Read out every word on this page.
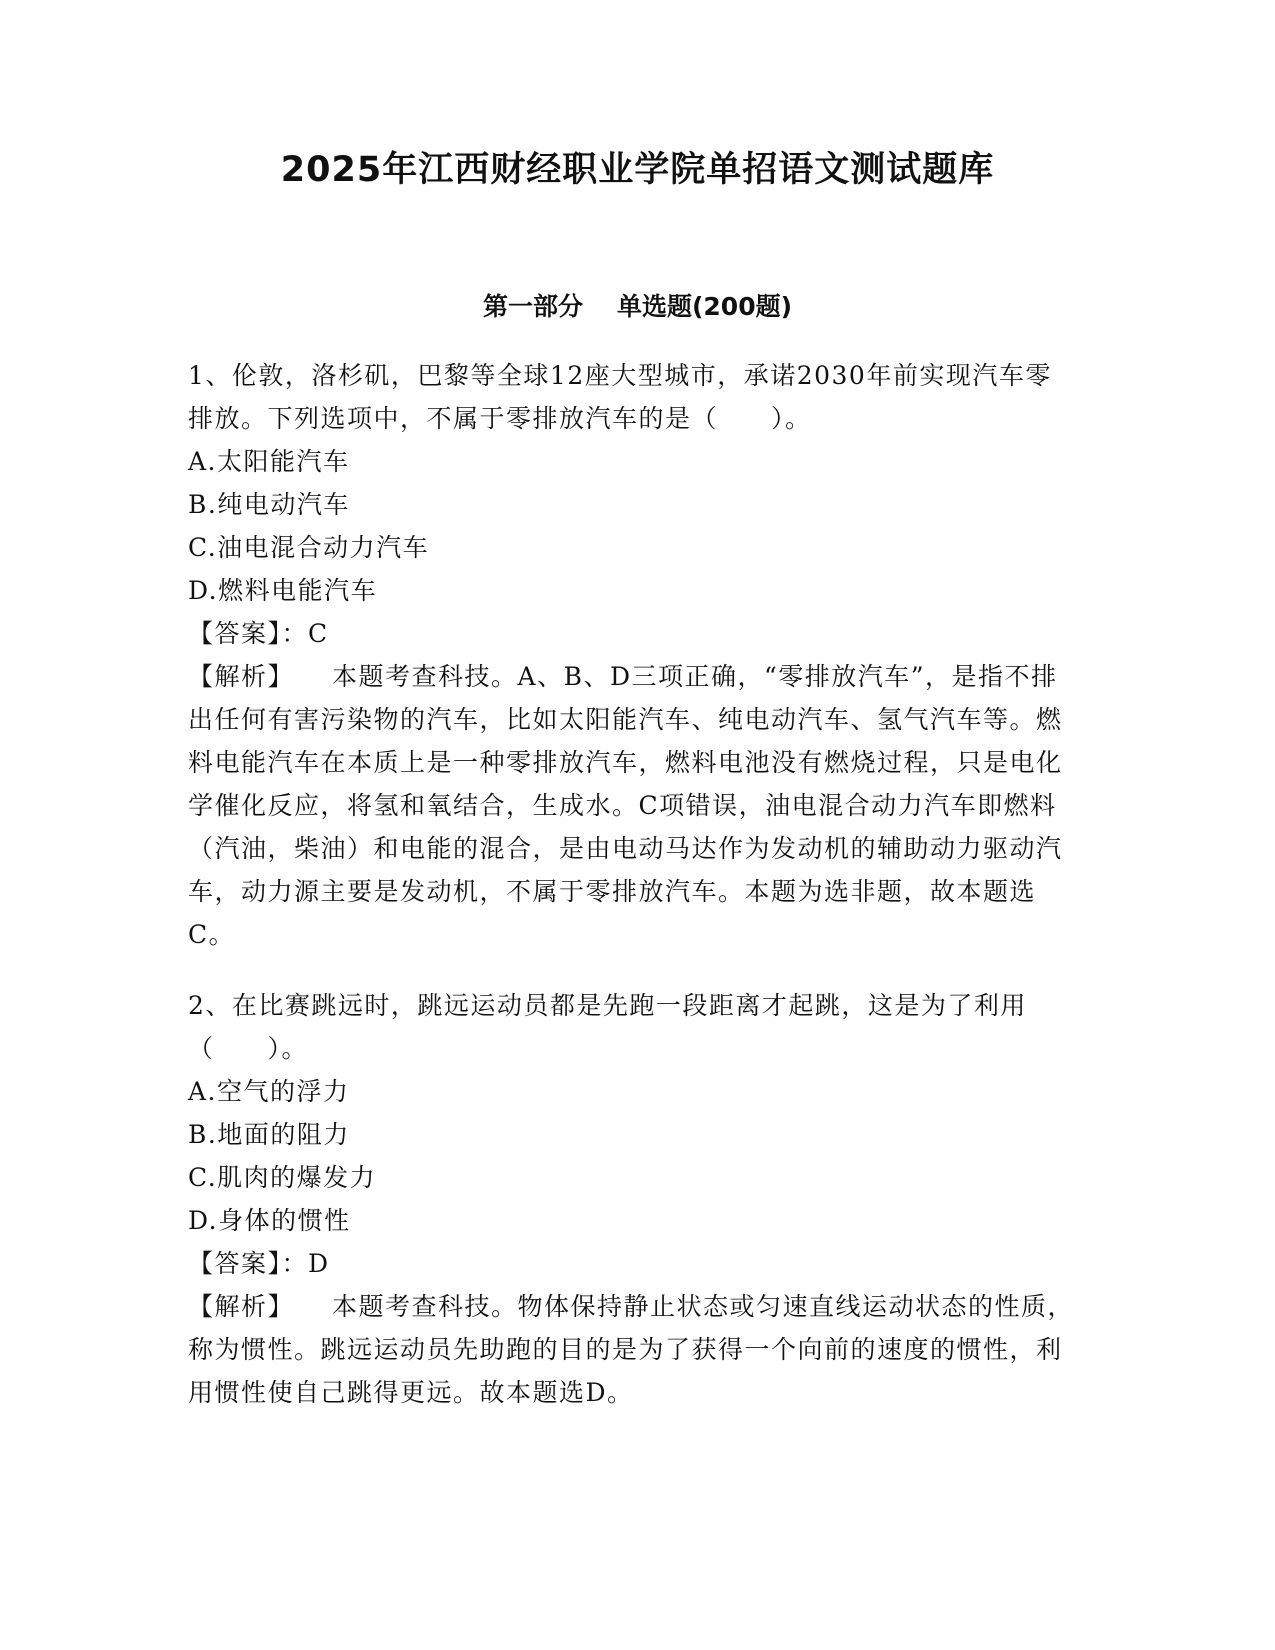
2025年江西财经职业学院单招语文测试题库
第一部分 单选题(200题)
1、伦敦，洛杉矶，巴黎等全球12座大型城市，承诺2030年前实现汽车零排放。下列选项中，不属于零排放汽车的是（　　）。
A.太阳能汽车
B.纯电动汽车
C.油电混合动力汽车
D.燃料电能汽车
【答案】：C
【解析】 本题考查科技。A、B、D三项正确，“零排放汽车”，是指不排出任何有害污染物的汽车，比如太阳能汽车、纯电动汽车、氢气汽车等。燃料电能汽车在本质上是一种零排放汽车，燃料电池没有燃烧过程，只是电化学催化反应，将氢和氧结合，生成水。C项错误，油电混合动力汽车即燃料（汽油，柴油）和电能的混合，是由电动马达作为发动机的辅助动力驱动汽车，动力源主要是发动机，不属于零排放汽车。本题为选非题，故本题选C。
2、在比赛跳远时，跳远运动员都是先跑一段距离才起跳，这是为了利用（　　）。
A.空气的浮力
B.地面的阻力
C.肌肉的爆发力
D.身体的惯性
【答案】：D
【解析】 本题考查科技。物体保持静止状态或匀速直线运动状态的性质，称为惯性。跳远运动员先助跑的目的是为了获得一个向前的速度的惯性，利用惯性使自己跳得更远。故本题选D。
